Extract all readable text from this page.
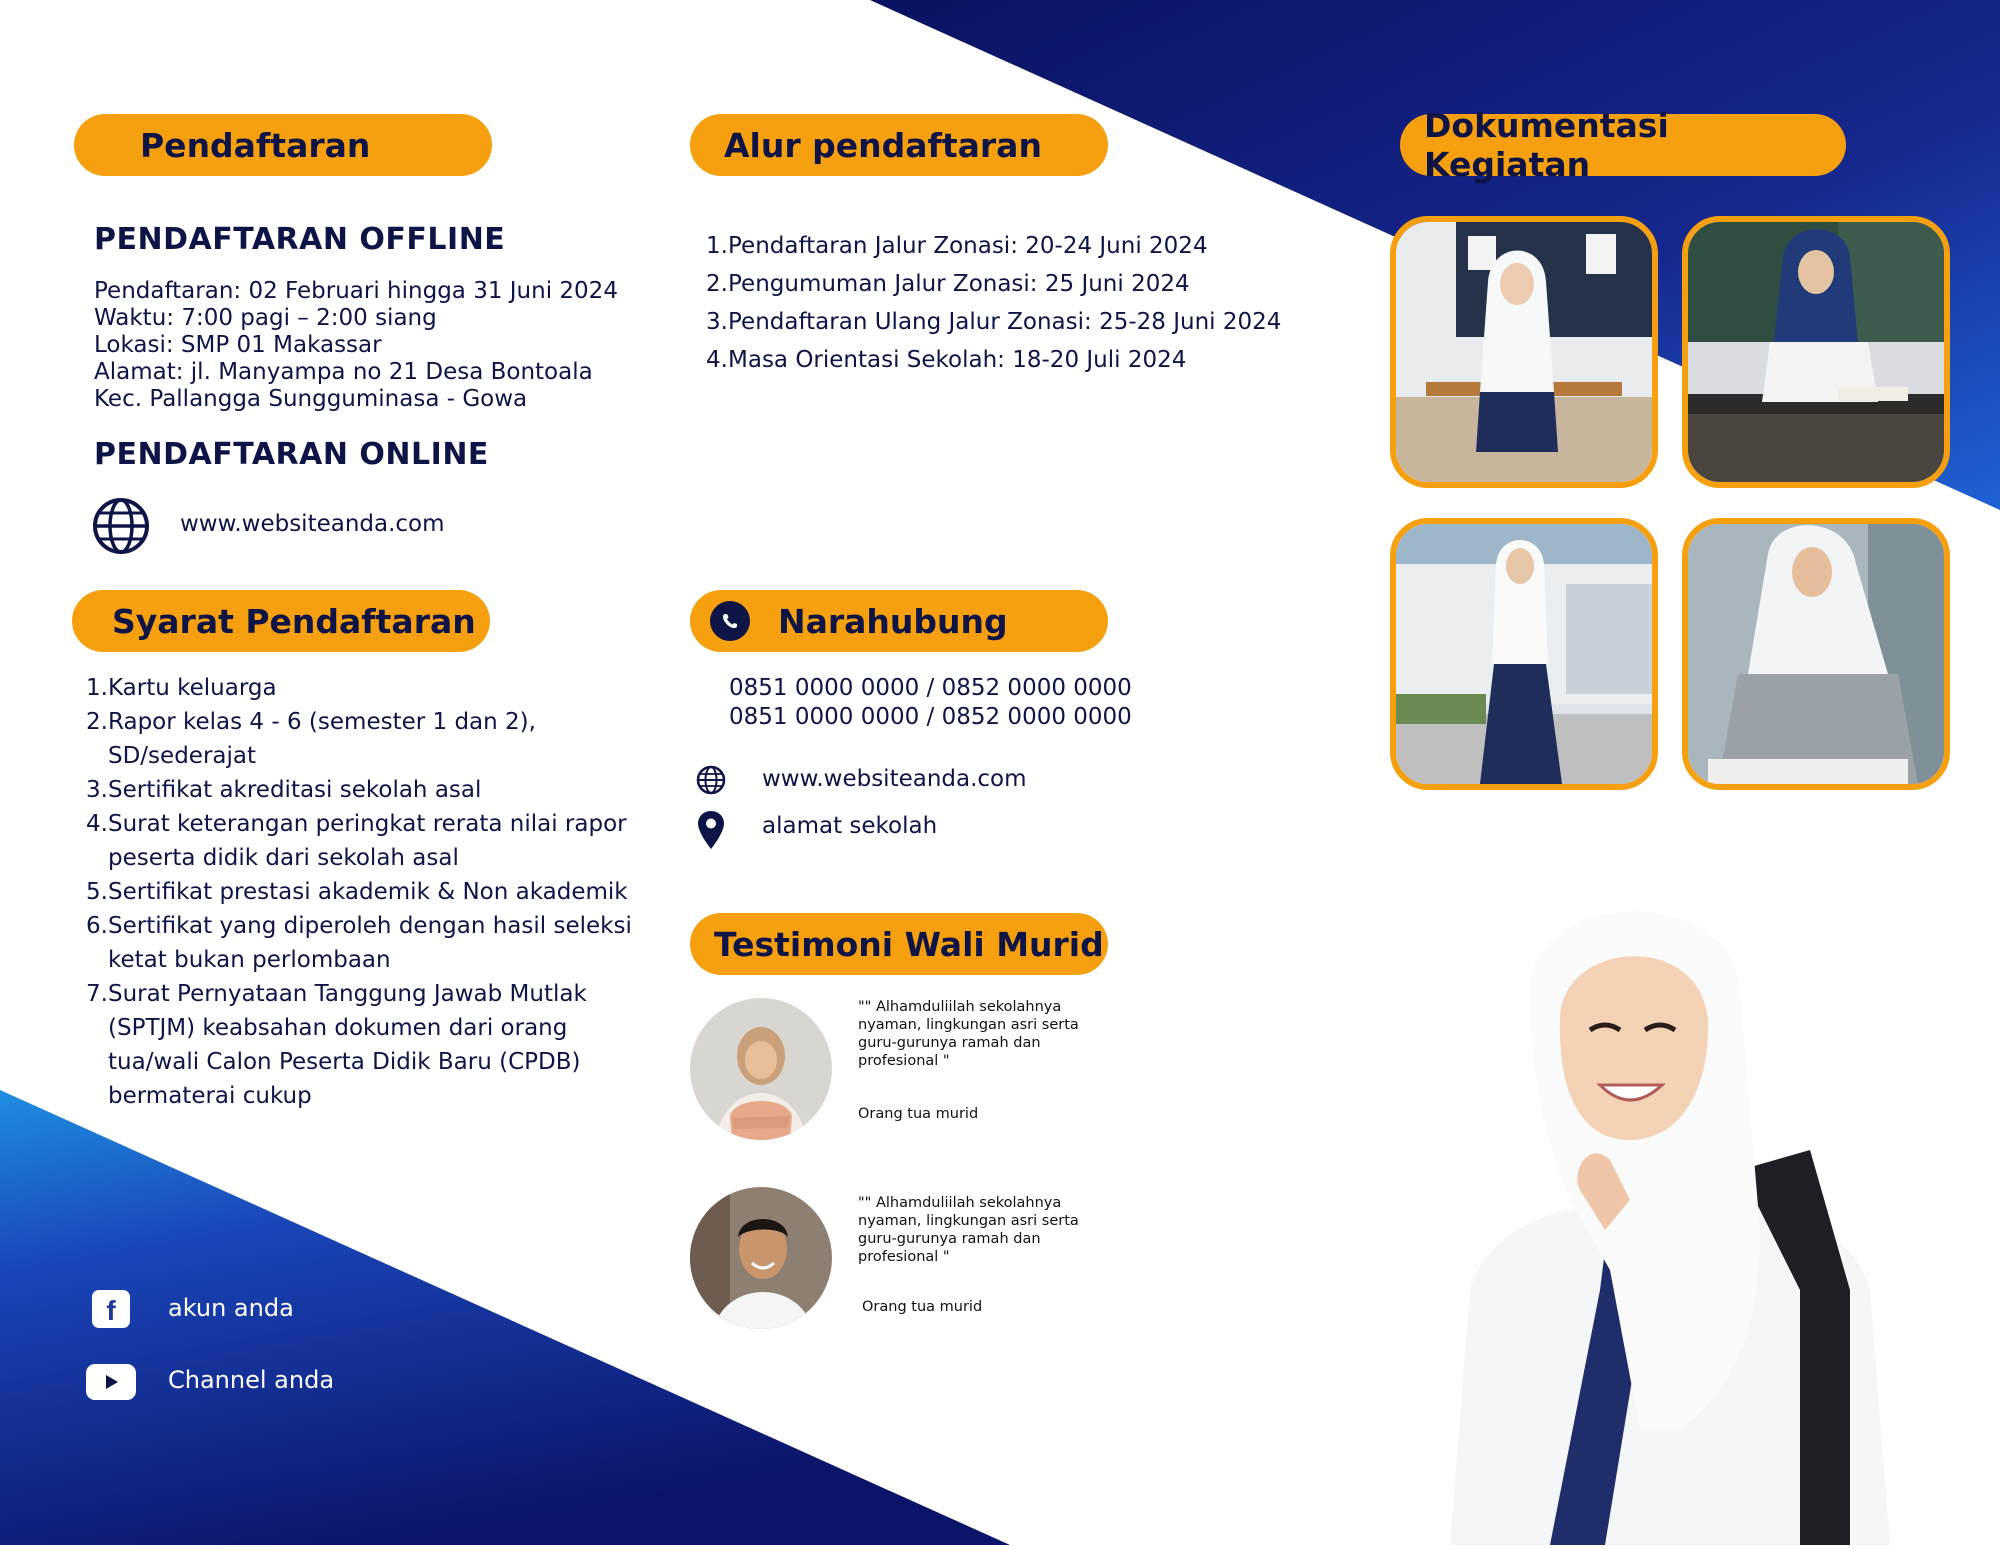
Pendaftaran
PENDAFTARAN OFFLINE
Pendaftaran: 02 Februari hingga 31 Juni 2024
Waktu: 7:00 pagi – 2:00 siang
Lokasi: SMP 01 Makassar
Alamat: jl. Manyampa no 21 Desa Bontoala
Kec. Pallangga Sungguminasa - Gowa
PENDAFTARAN ONLINE
www.websiteanda.com
Syarat Pendaftaran
1. Kartu keluarga
2. Rapor kelas 4 - 6 (semester 1 dan 2),
SD/sederajat
3. Sertifikat akreditasi sekolah asal
4. Surat keterangan peringkat rerata nilai rapor
peserta didik dari sekolah asal
5. Sertifikat prestasi akademik & Non akademik
6. Sertifikat yang diperoleh dengan hasil seleksi
ketat bukan perlombaan
7. Surat Pernyataan Tanggung Jawab Mutlak
(SPTJM) keabsahan dokumen dari orang
tua/wali Calon Peserta Didik Baru (CPDB)
bermaterai cukup
f akun anda
Channel anda
Alur pendaftaran
1. Pendaftaran Jalur Zonasi: 20-24 Juni 2024
2. Pengumuman Jalur Zonasi: 25 Juni 2024
3. Pendaftaran Ulang Jalur Zonasi: 25-28 Juni 2024
4. Masa Orientasi Sekolah: 18-20 Juli 2024
Narahubung
0851 0000 0000 / 0852 0000 0000
0851 0000 0000 / 0852 0000 0000
www.websiteanda.com
alamat sekolah
Testimoni Wali Murid
"" Alhamduliilah sekolahnya nyaman, lingkungan asri serta guru-gurunya ramah dan profesional "
Orang tua murid
"" Alhamduliilah sekolahnya nyaman, lingkungan asri serta guru-gurunya ramah dan profesional "
Orang tua murid
Dokumentasi Kegiatan
